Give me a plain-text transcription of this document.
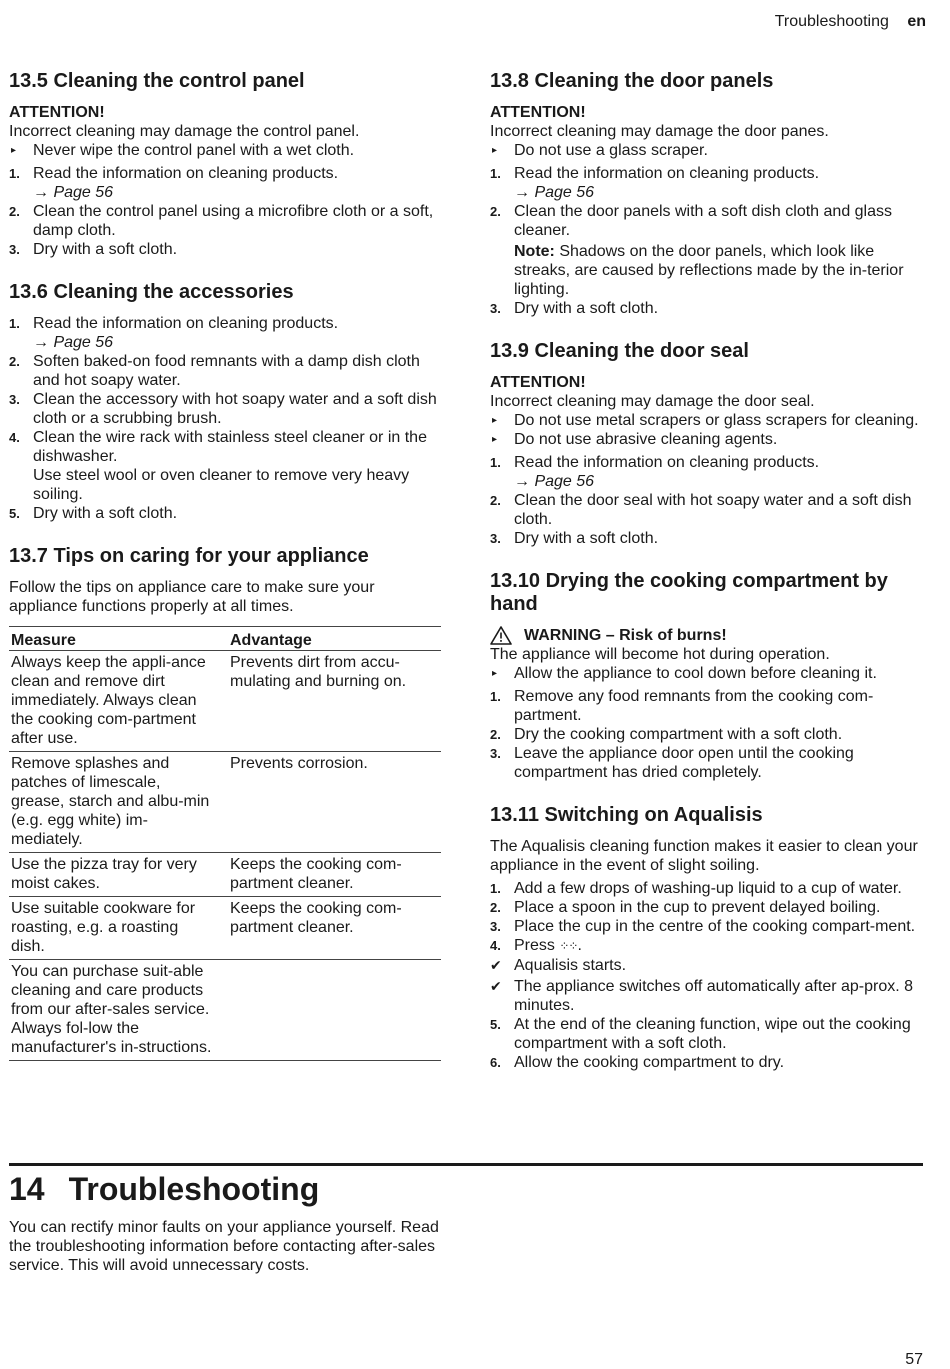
Troubleshooting en
13.5 Cleaning the control panel

ATTENTION!

Incorrect cleaning may damage the control panel.

▸ Never wipe the control panel with a wet cloth.
1. Read the information on cleaning products.
→ Page 56
2. Clean the control panel using a microfibre cloth or a soft, damp cloth.
3. Dry with a soft cloth.
13.6 Cleaning the accessories
1. Read the information on cleaning products.
→ Page 56
2. Soften baked-on food remnants with a damp dish cloth and hot soapy water.
3. Clean the accessory with hot soapy water and a soft dish cloth or a scrubbing brush.
4. Clean the wire rack with stainless steel cleaner or in the dishwasher.
Use steel wool or oven cleaner to remove very heavy soiling.
5. Dry with a soft cloth.
13.7 Tips on caring for your appliance

Follow the tips on appliance care to make sure your appliance functions properly at all times.

Measure	Advantage
Always keep the appli-ance clean and remove dirt immediately. Always clean the cooking com-partment after use.	Prevents dirt from accu-mulating and burning on.
Remove splashes and patches of limescale, grease, starch and albu-min (e.g. egg white) im-mediately.	Prevents corrosion.
Use the pizza tray for very moist cakes.	Keeps the cooking com-partment cleaner.
Use suitable cookware for roasting, e.g. a roasting dish.	Keeps the cooking com-partment cleaner.
You can purchase suit-able cleaning and care products from our after-sales service. Always fol-low the manufacturer's in-structions.	
13.8 Cleaning the door panels

ATTENTION!

Incorrect cleaning may damage the door panes.

▸ Do not use a glass scraper.
1. Read the information on cleaning products.
→ Page 56
2. Clean the door panels with a soft dish cloth and glass cleaner.
Note: Shadows on the door panels, which look like streaks, are caused by reflections made by the in-terior lighting.
3. Dry with a soft cloth.
13.9 Cleaning the door seal

ATTENTION!

Incorrect cleaning may damage the door seal.

▸ Do not use metal scrapers or glass scrapers for cleaning.
▸ Do not use abrasive cleaning agents.
1. Read the information on cleaning products.
→ Page 56
2. Clean the door seal with hot soapy water and a soft dish cloth.
3. Dry with a soft cloth.
13.10 Drying the cooking compartment by hand
WARNING – Risk of burns!

The appliance will become hot during operation.

▸ Allow the appliance to cool down before cleaning it.
1. Remove any food remnants from the cooking com-partment.
2. Dry the cooking compartment with a soft cloth.
3. Leave the appliance door open until the cooking compartment has dried completely.
13.11 Switching on Aqualisis

The Aqualisis cleaning function makes it easier to clean your appliance in the event of slight soiling.

1. Add a few drops of washing-up liquid to a cup of water.
2. Place a spoon in the cup to prevent delayed boiling.
3. Place the cup in the centre of the cooking compart-ment.
4. Press ⁘⁘.
✔ Aqualisis starts.
✔ The appliance switches off automatically after ap-prox. 8 minutes.
5. At the end of the cleaning function, wipe out the cooking compartment with a soft cloth.
6. Allow the cooking compartment to dry.
14 Troubleshooting

You can rectify minor faults on your appliance yourself. Read the troubleshooting information before contacting after-sales service. This will avoid unnecessary costs.

57
